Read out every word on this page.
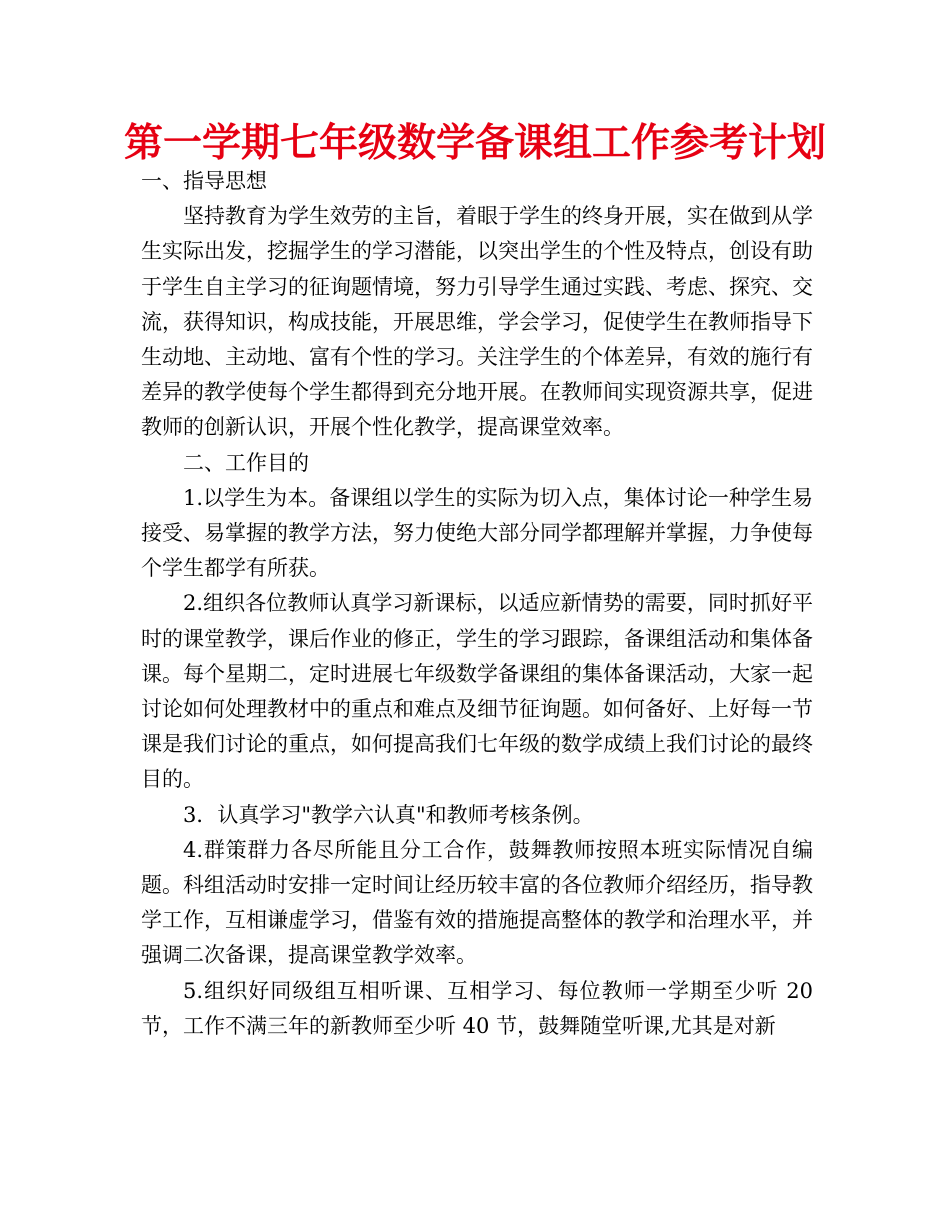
第一学期七年级数学备课组工作参考计划

一、指导思想

坚持教育为学生效劳的主旨，着眼于学生的终身开展，实在做到从学生实际出发，挖掘学生的学习潜能，以突出学生的个性及特点，创设有助于学生自主学习的征询题情境，努力引导学生通过实践、考虑、探究、交流，获得知识，构成技能，开展思维，学会学习，促使学生在教师指导下生动地、主动地、富有个性的学习。关注学生的个体差异，有效的施行有差异的教学使每个学生都得到充分地开展。在教师间实现资源共享，促进教师的创新认识，开展个性化教学，提高课堂效率。

二、工作目的

1.以学生为本。备课组以学生的实际为切入点，集体讨论一种学生易接受、易掌握的教学方法，努力使绝大部分同学都理解并掌握，力争使每个学生都学有所获。

2.组织各位教师认真学习新课标，以适应新情势的需要，同时抓好平时的课堂教学，课后作业的修正，学生的学习跟踪，备课组活动和集体备课。每个星期二，定时进展七年级数学备课组的集体备课活动，大家一起讨论如何处理教材中的重点和难点及细节征询题。如何备好、上好每一节课是我们讨论的重点，如何提高我们七年级的数学成绩上我们讨论的最终目的。

3．认真学习"教学六认真"和教师考核条例。

4.群策群力各尽所能且分工合作，鼓舞教师按照本班实际情况自编题。科组活动时安排一定时间让经历较丰富的各位教师介绍经历，指导教学工作，互相谦虚学习，借鉴有效的措施提高整体的教学和治理水平，并强调二次备课，提高课堂教学效率。

5.组织好同级组互相听课、互相学习、每位教师一学期至少听 20 节，工作不满三年的新教师至少听 40 节，鼓舞随堂听课,尤其是对新
